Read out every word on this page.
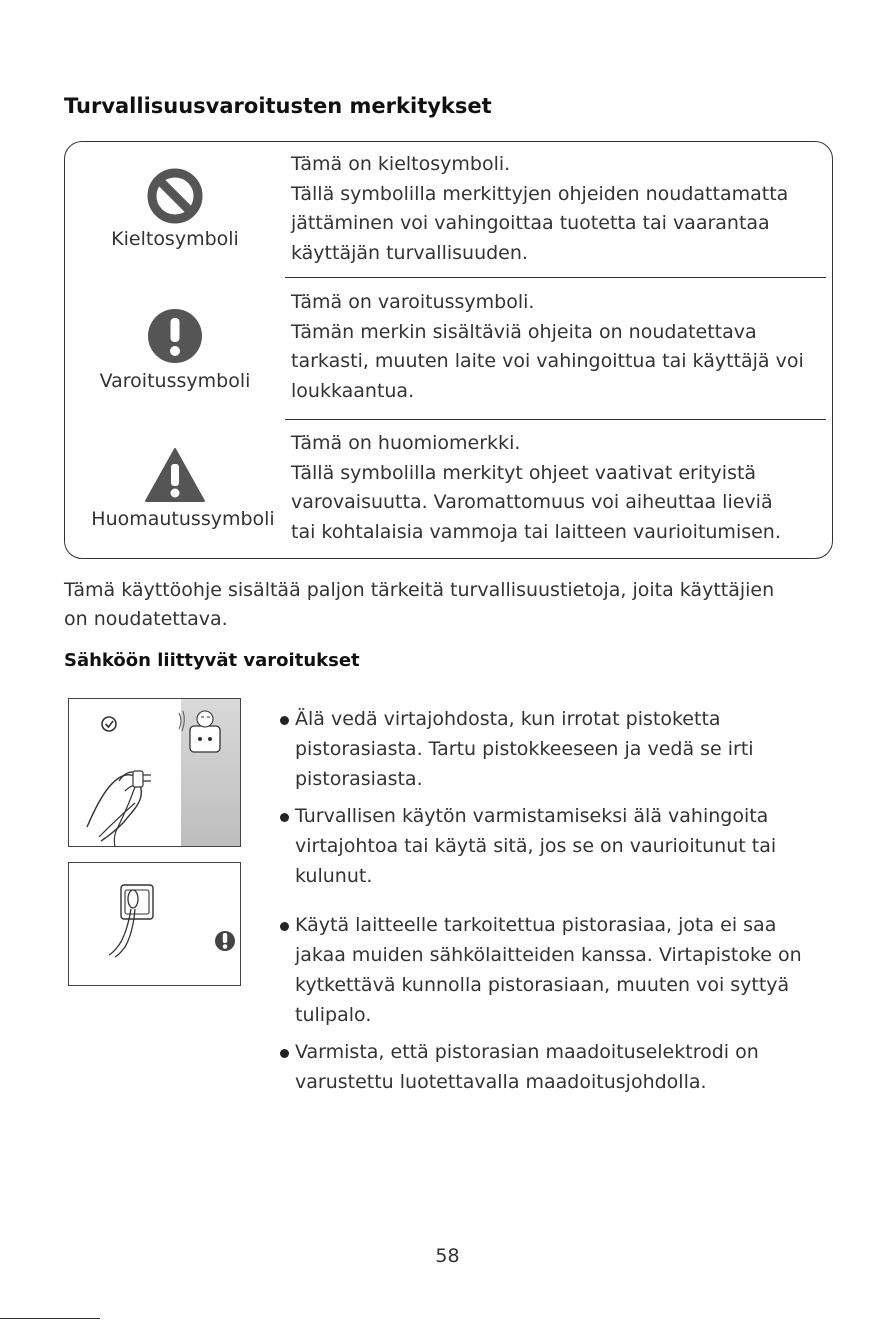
Turvallisuusvaroitusten merkitykset
Kieltosymboli
Tämä on kieltosymboli.
Tällä symbolilla merkittyjen ohjeiden noudattamatta
jättäminen voi vahingoittaa tuotetta tai vaarantaa
käyttäjän turvallisuuden.
Varoitussymboli
Tämä on varoitussymboli.
Tämän merkin sisältäviä ohjeita on noudatettava
tarkasti, muuten laite voi vahingoittua tai käyttäjä voi
loukkaantua.
Huomautussymboli
Tämä on huomiomerkki.
Tällä symbolilla merkityt ohjeet vaativat erityistä
varovaisuutta. Varomattomuus voi aiheuttaa lieviä
tai kohtalaisia vammoja tai laitteen vaurioitumisen.
Tämä käyttöohje sisältää paljon tärkeitä turvallisuustietoja, joita käyttäjien
on noudatettava.
Sähköön liittyvät varoitukset
Älä vedä virtajohdosta, kun irrotat pistoketta
pistorasiasta. Tartu pistokkeeseen ja vedä se irti
pistorasiasta.
Turvallisen käytön varmistamiseksi älä vahingoita
virtajohtoa tai käytä sitä, jos se on vaurioitunut tai
kulunut.
Käytä laitteelle tarkoitettua pistorasiaa, jota ei saa
jakaa muiden sähkölaitteiden kanssa. Virtapistoke on
kytkettävä kunnolla pistorasiaan, muuten voi syttyä
tulipalo.
Varmista, että pistorasian maadoituselektrodi on
varustettu luotettavalla maadoitusjohdolla.
58
